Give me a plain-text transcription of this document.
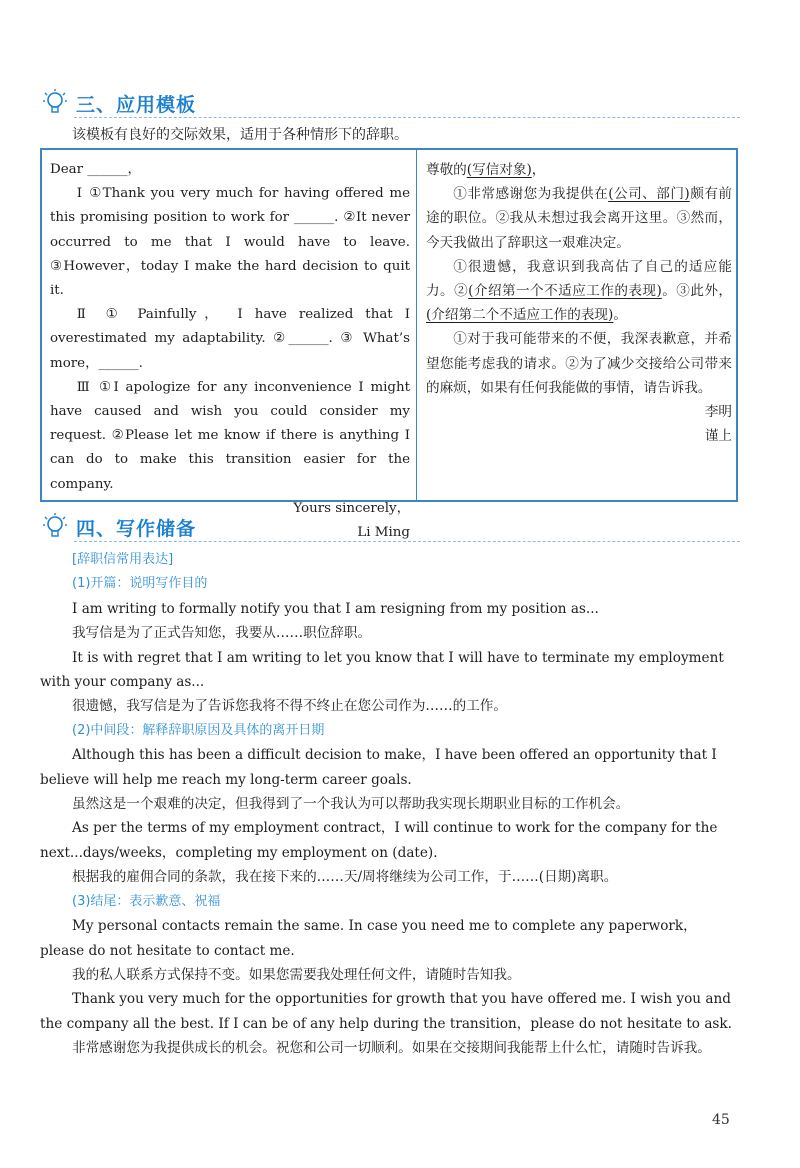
三、应用模板
该模板有良好的交际效果，适用于各种情形下的辞职。

Dear ______，

Ⅰ ①Thank you very much for having offered me this promising position to work for ______. ②It never occurred to me that I would have to leave. ③However，today I make the hard decision to quit it.

Ⅱ ① Painfully， I have realized that I overestimated my adaptability. ②______. ③ What’s more，______.

Ⅲ ①I apologize for any inconvenience I might have caused and wish you could consider my request. ②Please let me know if there is anything I can do to make this transition easier for the company.

Yours sincerely，

Li Ming

尊敬的(写信对象)，

①非常感谢您为我提供在(公司、部门)颇有前途的职位。②我从未想过我会离开这里。③然而，今天我做出了辞职这一艰难决定。

①很遗憾，我意识到我高估了自己的适应能力。②(介绍第一个不适应工作的表现)。③此外，(介绍第二个不适应工作的表现)。

①对于我可能带来的不便，我深表歉意，并希望您能考虑我的请求。②为了减少交接给公司带来的麻烦，如果有任何我能做的事情，请告诉我。

李明

谨上

四、写作储备

[辞职信常用表达]

(1)开篇：说明写作目的

I am writing to formally notify you that I am resigning from my position as...

我写信是为了正式告知您，我要从……职位辞职。

It is with regret that I am writing to let you know that I will have to terminate my employment with your company as...

很遗憾，我写信是为了告诉您我将不得不终止在您公司作为……的工作。

(2)中间段：解释辞职原因及具体的离开日期

Although this has been a difficult decision to make，I have been offered an opportunity that I believe will help me reach my long-term career goals.

虽然这是一个艰难的决定，但我得到了一个我认为可以帮助我实现长期职业目标的工作机会。

As per the terms of my employment contract，I will continue to work for the company for the next...days/weeks，completing my employment on (date).

根据我的雇佣合同的条款，我在接下来的……天/周将继续为公司工作，于……(日期)离职。

(3)结尾：表示歉意、祝福

My personal contacts remain the same. In case you need me to complete any paperwork，please do not hesitate to contact me.

我的私人联系方式保持不变。如果您需要我处理任何文件，请随时告知我。

Thank you very much for the opportunities for growth that you have offered me. I wish you and the company all the best. If I can be of any help during the transition，please do not hesitate to ask.

非常感谢您为我提供成长的机会。祝您和公司一切顺利。如果在交接期间我能帮上什么忙，请随时告诉我。

45
